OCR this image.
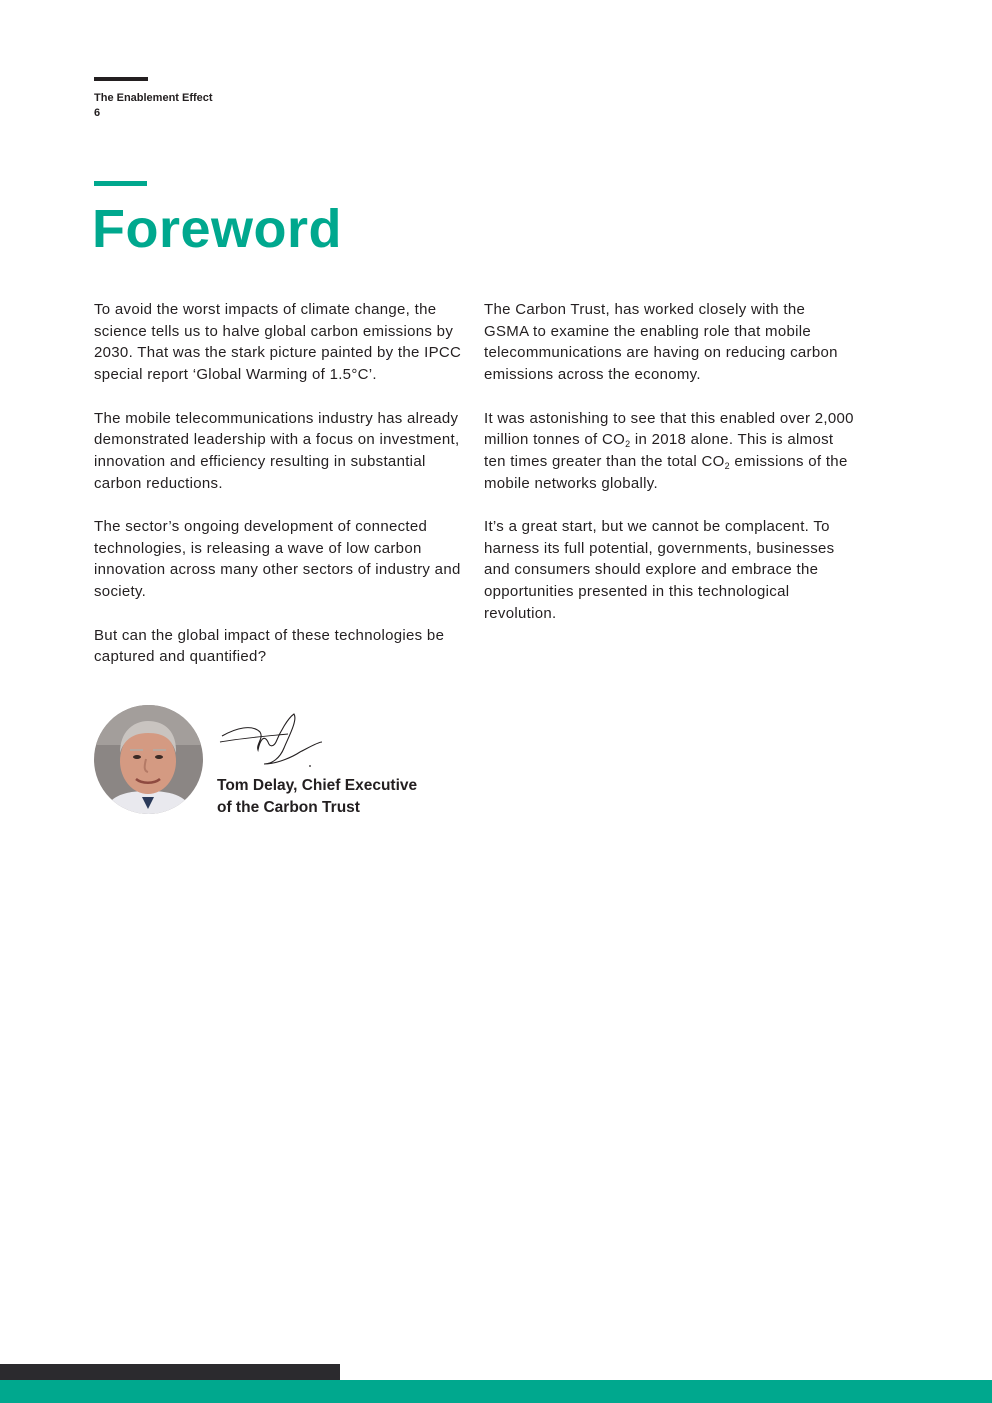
The Enablement Effect
6
Foreword

To avoid the worst impacts of climate change, the science tells us to halve global carbon emissions by 2030. That was the stark picture painted by the IPCC special report ‘Global Warming of 1.5°C’.

The mobile telecommunications industry has already demonstrated leadership with a focus on investment, innovation and efficiency resulting in substantial carbon reductions.

The sector’s ongoing development of connected technologies, is releasing a wave of low carbon innovation across many other sectors of industry and society.

But can the global impact of these technologies be captured and quantified?

The Carbon Trust, has worked closely with the GSMA to examine the enabling role that mobile telecommunications are having on reducing carbon emissions across the economy.

It was astonishing to see that this enabled over 2,000 million tonnes of $CO_2$ in 2018 alone. This is almost ten times greater than the total $CO_2$ emissions of the mobile networks globally.

It’s a great start, but we cannot be complacent. To harness its full potential, governments, businesses and consumers should explore and embrace the opportunities presented in this technological revolution.

Tom Delay, Chief Executive
of the Carbon Trust
